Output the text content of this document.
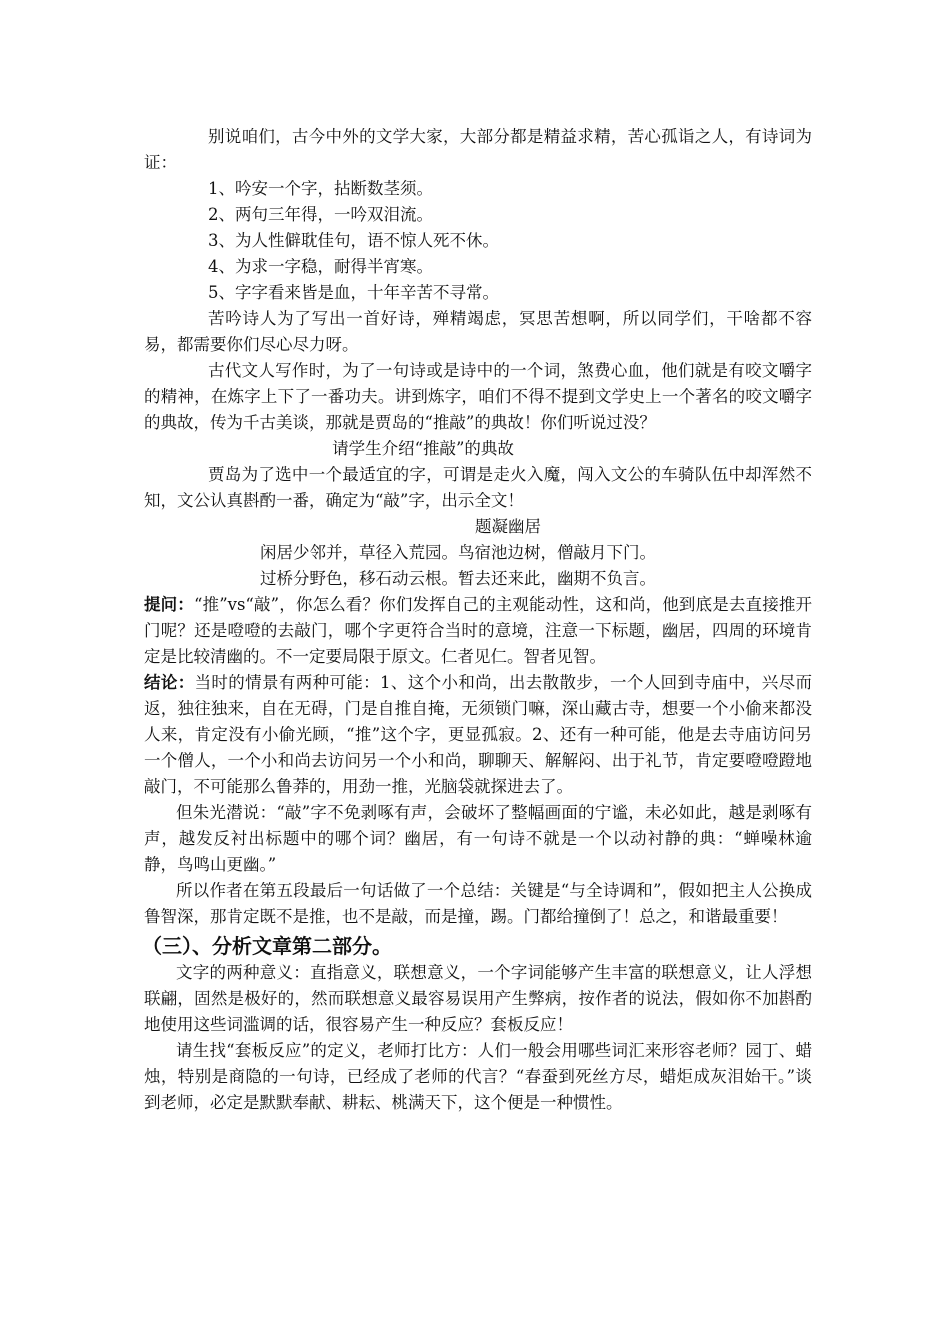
别说咱们，古今中外的文学大家，大部分都是精益求精，苦心孤诣之人，有诗词为证：

1、吟安一个字，拈断数茎须。
2、两句三年得，一吟双泪流。
3、为人性僻耽佳句，语不惊人死不休。
4、为求一字稳，耐得半宵寒。
5、字字看来皆是血，十年辛苦不寻常。

苦吟诗人为了写出一首好诗，殚精竭虑，冥思苦想啊，所以同学们，干啥都不容易，都需要你们尽心尽力呀。

古代文人写作时，为了一句诗或是诗中的一个词，煞费心血，他们就是有咬文嚼字的精神，在炼字上下了一番功夫。讲到炼字，咱们不得不提到文学史上一个著名的咬文嚼字的典故，传为千古美谈，那就是贾岛的“推敲”的典故！你们听说过没？

请学生介绍“推敲”的典故

贾岛为了选中一个最适宜的字，可谓是走火入魔，闯入文公的车骑队伍中却浑然不知，文公认真斟酌一番，确定为“敲”字，出示全文！

题凝幽居

闲居少邻并，草径入荒园。鸟宿池边树，僧敲月下门。

过桥分野色，移石动云根。暂去还来此，幽期不负言。

提问：“推”vs“敲”，你怎么看？你们发挥自己的主观能动性，这和尚，他到底是去直接推开门呢？还是噔噔的去敲门，哪个字更符合当时的意境，注意一下标题，幽居，四周的环境肯定是比较清幽的。不一定要局限于原文。仁者见仁。智者见智。

结论：当时的情景有两种可能：1、这个小和尚，出去散散步，一个人回到寺庙中，兴尽而返，独往独来，自在无碍，门是自推自掩，无须锁门嘛，深山藏古寺，想要一个小偷来都没人来，肯定没有小偷光顾，“推”这个字，更显孤寂。2、还有一种可能，他是去寺庙访问另一个僧人，一个小和尚去访问另一个小和尚，聊聊天、解解闷、出于礼节，肯定要噔噔蹬地敲门，不可能那么鲁莽的，用劲一推，光脑袋就探进去了。

但朱光潜说：“敲”字不免剥啄有声，会破坏了整幅画面的宁谧，未必如此，越是剥啄有声，越发反衬出标题中的哪个词？幽居，有一句诗不就是一个以动衬静的典：“蝉噪林逾静，鸟鸣山更幽。”

所以作者在第五段最后一句话做了一个总结：关键是“与全诗调和”，假如把主人公换成鲁智深，那肯定既不是推，也不是敲，而是撞，踢。门都给撞倒了！总之，和谐最重要！

（三）、分析文章第二部分。

文字的两种意义：直指意义，联想意义，一个字词能够产生丰富的联想意义，让人浮想联翩，固然是极好的，然而联想意义最容易误用产生弊病，按作者的说法，假如你不加斟酌地使用这些词滥调的话，很容易产生一种反应？套板反应！

请生找“套板反应”的定义，老师打比方：人们一般会用哪些词汇来形容老师？园丁、蜡烛，特别是商隐的一句诗，已经成了老师的代言？“春蚕到死丝方尽，蜡炬成灰泪始干。”谈到老师，必定是默默奉献、耕耘、桃满天下，这个便是一种惯性。
